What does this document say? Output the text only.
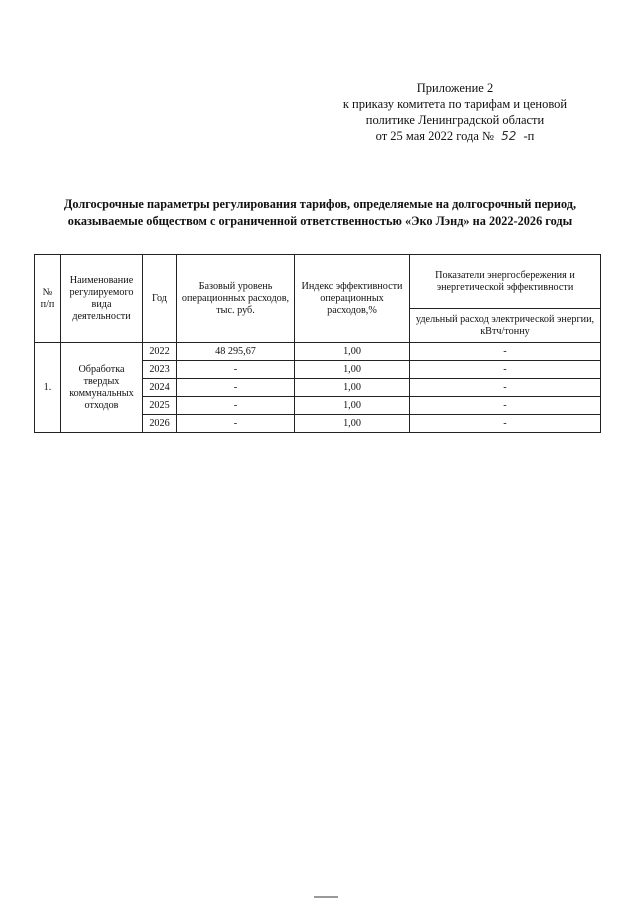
Приложение 2
к приказу комитета по тарифам и ценовой
политике Ленинградской области
от 25 мая 2022 года № 52 -п
Долгосрочные параметры регулирования тарифов, определяемые на долгосрочный период,
оказываемые обществом с ограниченной ответственностью «Эко Лэнд» на 2022-2026 годы
№ п/п	Наименование регулируемого вида деятельности	Год	Базовый уровень операционных расходов, тыс. руб.	Индекс эффективности операционных расходов,%	Показатели энергосбережения и энергетической эффективности
					удельный расход электрической энергии, кВтч/тонну
1.	Обработка твердых коммунальных отходов	2022	48 295,67	1,00	-
		2023	-	1,00	-
		2024	-	1,00	-
		2025	-	1,00	-
		2026	-	1,00	-
